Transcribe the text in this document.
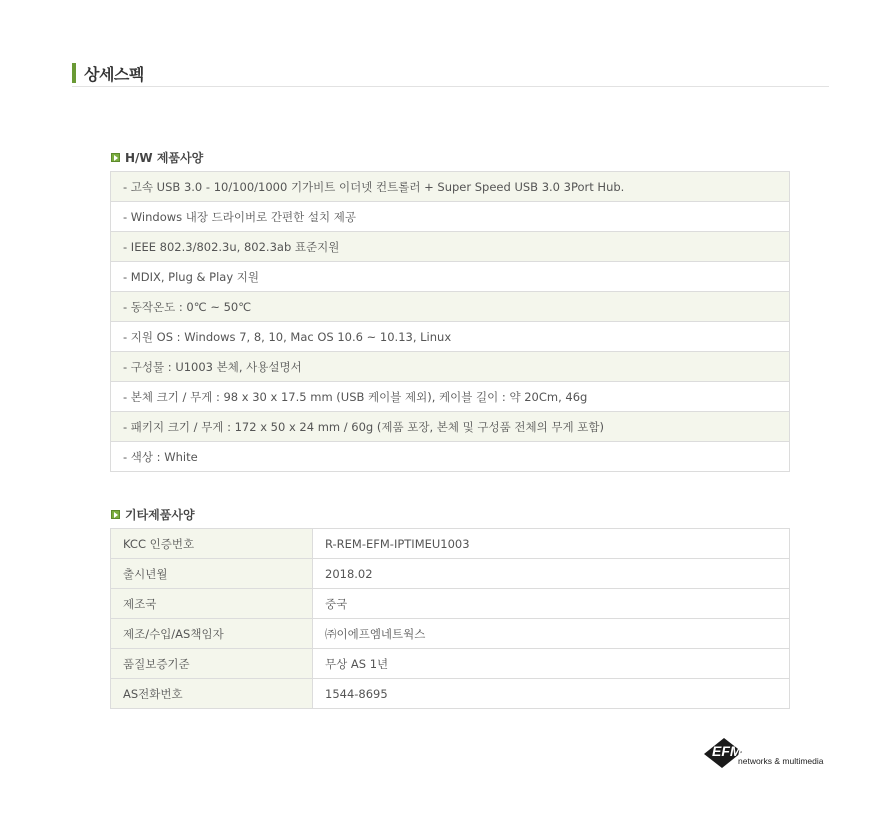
상세스펙
H/W 제품사양
- 고속 USB 3.0 - 10/100/1000 기가비트 이더넷 컨트롤러 + Super Speed USB 3.0 3Port Hub.
- Windows 내장 드라이버로 간편한 설치 제공
- IEEE 802.3/802.3u, 802.3ab 표준지원
- MDIX, Plug & Play 지원
- 동작온도 : 0℃ ~ 50℃
- 지원 OS : Windows 7, 8, 10, Mac OS 10.6 ~ 10.13, Linux
- 구성물 : U1003 본체, 사용설명서
- 본체 크기 / 무게 : 98 x 30 x 17.5 mm (USB 케이블 제외), 케이블 길이 : 약 20Cm, 46g
- 패키지 크기 / 무게 : 172 x 50 x 24 mm / 60g (제품 포장, 본체 및 구성품 전체의 무게 포함)
- 색상 : White
기타제품사양
KCC 인증번호	R-REM-EFM-IPTIMEU1003
출시년월	2018.02
제조국	중국
제조/수입/AS책임자	㈜이에프엠네트웍스
품질보증기준	무상 AS 1년
AS전화번호	1544-8695
EFM
networks & multimedia
